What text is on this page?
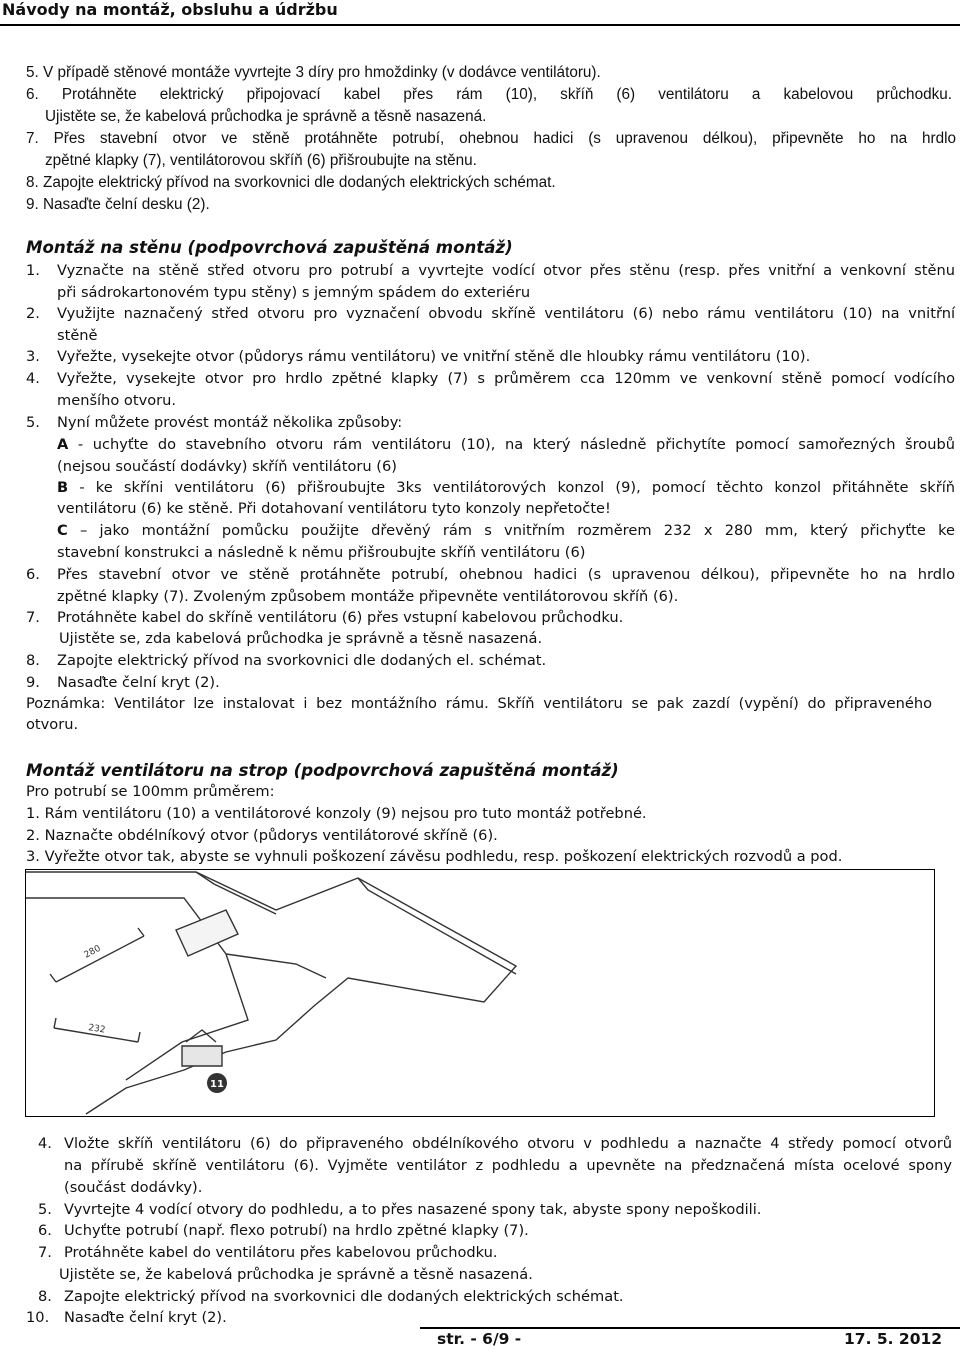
Návody na montáž, obsluhu a údržbu
5. V případě stěnové montáže vyvrtejte 3 díry pro hmoždinky (v dodávce ventilátoru).
6. Protáhněte elektrický připojovací kabel přes rám (10), skříň (6) ventilátoru a kabelovou průchodku.
Ujistěte se, že kabelová průchodka je správně a těsně nasazená.
7. Přes stavební otvor ve stěně protáhněte potrubí, ohebnou hadici (s upravenou délkou), připevněte ho na hrdlo
zpětné klapky (7), ventilátorovou skříň (6) přišroubujte na stěnu.
8. Zapojte elektrický přívod na svorkovnici dle dodaných elektrických schémat.
9. Nasaďte čelní desku (2).
Montáž na stěnu (podpovrchová zapuštěná montáž)
1. Vyznačte na stěně střed otvoru pro potrubí a vyvrtejte vodící otvor přes stěnu (resp. přes vnitřní a venkovní stěnu
při sádrokartonovém typu stěny) s jemným spádem do exteriéru
2. Využijte naznačený střed otvoru pro vyznačení obvodu skříně ventilátoru (6) nebo rámu ventilátoru (10) na vnitřní
stěně
3. Vyřežte, vysekejte otvor (půdorys rámu ventilátoru) ve vnitřní stěně dle hloubky rámu ventilátoru (10).
4. Vyřežte, vysekejte otvor pro hrdlo zpětné klapky (7) s průměrem cca 120mm ve venkovní stěně pomocí vodícího
menšího otvoru.
5. Nyní můžete provést montáž několika způsoby:
A - uchyťte do stavebního otvoru rám ventilátoru (10), na který následně přichytíte pomocí samořezných šroubů
(nejsou součástí dodávky) skříň ventilátoru (6)
B - ke skříni ventilátoru (6) přišroubujte 3ks ventilátorových konzol (9), pomocí těchto konzol přitáhněte skříň
ventilátoru (6) ke stěně. Při dotahovaní ventilátoru tyto konzoly nepřetočte!
C – jako montážní pomůcku použijte dřevěný rám s vnitřním rozměrem 232 x 280 mm, který přichyťte ke
stavební konstrukci a následně k němu přišroubujte skříň ventilátoru (6)
6. Přes stavební otvor ve stěně protáhněte potrubí, ohebnou hadici (s upravenou délkou), připevněte ho na hrdlo
zpětné klapky (7). Zvoleným způsobem montáže připevněte ventilátorovou skříň (6).
7. Protáhněte kabel do skříně ventilátoru (6) přes vstupní kabelovou průchodku.
Ujistěte se, zda kabelová průchodka je správně a těsně nasazená.
8. Zapojte elektrický přívod na svorkovnici dle dodaných el. schémat.
9. Nasaďte čelní kryt (2).
Poznámka: Ventilátor lze instalovat i bez montážního rámu. Skříň ventilátoru se pak zazdí (vypění) do připraveného
otvoru.
Montáž ventilátoru na strop (podpovrchová zapuštěná montáž)
Pro potrubí se 100mm průměrem:
1. Rám ventilátoru (10) a ventilátorové konzoly (9) nejsou pro tuto montáž potřebné.
2. Naznačte obdélníkový otvor (půdorys ventilátorové skříně (6).
3. Vyřežte otvor tak, abyste se vyhnuli poškození závěsu podhledu, resp. poškození elektrických rozvodů a pod.
280
232
11
4. Vložte skříň ventilátoru (6) do připraveného obdélníkového otvoru v podhledu a naznačte 4 středy pomocí otvorů
na přírubě skříně ventilátoru (6). Vyjměte ventilátor z podhledu a upevněte na předznačená místa ocelové spony
(součást dodávky).
5. Vyvrtejte 4 vodící otvory do podhledu, a to přes nasazené spony tak, abyste spony nepoškodili.
6. Uchyťte potrubí (např. flexo potrubí) na hrdlo zpětné klapky (7).
7. Protáhněte kabel do ventilátoru přes kabelovou průchodku.
Ujistěte se, že kabelová průchodka je správně a těsně nasazená.
8. Zapojte elektrický přívod na svorkovnici dle dodaných elektrických schémat.
10. Nasaďte čelní kryt (2).
str. - 6/9 -	17. 5. 2012
